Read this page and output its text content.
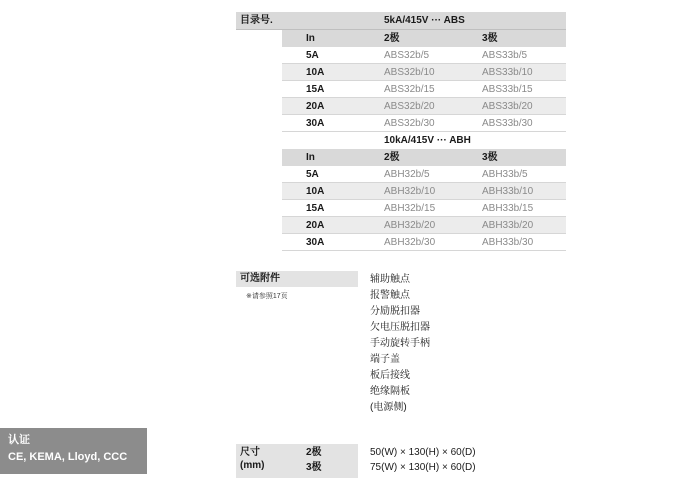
目录号.	5kA/415V ··· ABS
In	2极	3极
5A	ABS32b/5	ABS33b/5
10A	ABS32b/10	ABS33b/10
15A	ABS32b/15	ABS33b/15
20A	ABS32b/20	ABS33b/20
30A	ABS32b/30	ABS33b/30
10kA/415V ··· ABH
In	2极	3极
5A	ABH32b/5	ABH33b/5
10A	ABH32b/10	ABH33b/10
15A	ABH32b/15	ABH33b/15
20A	ABH32b/20	ABH33b/20
30A	ABH32b/30	ABH33b/30
可选附件
※请参照17页
辅助触点
报警触点
分励脱扣器
欠电压脱扣器
手动旋转手柄
端子盖
板后接线
绝缘隔板
(电源侧)
认证
CE, KEMA, Lloyd, CCC	尺寸
(mm)
2极	50(W) × 130(H) × 60(D)
3极	75(W) × 130(H) × 60(D)
